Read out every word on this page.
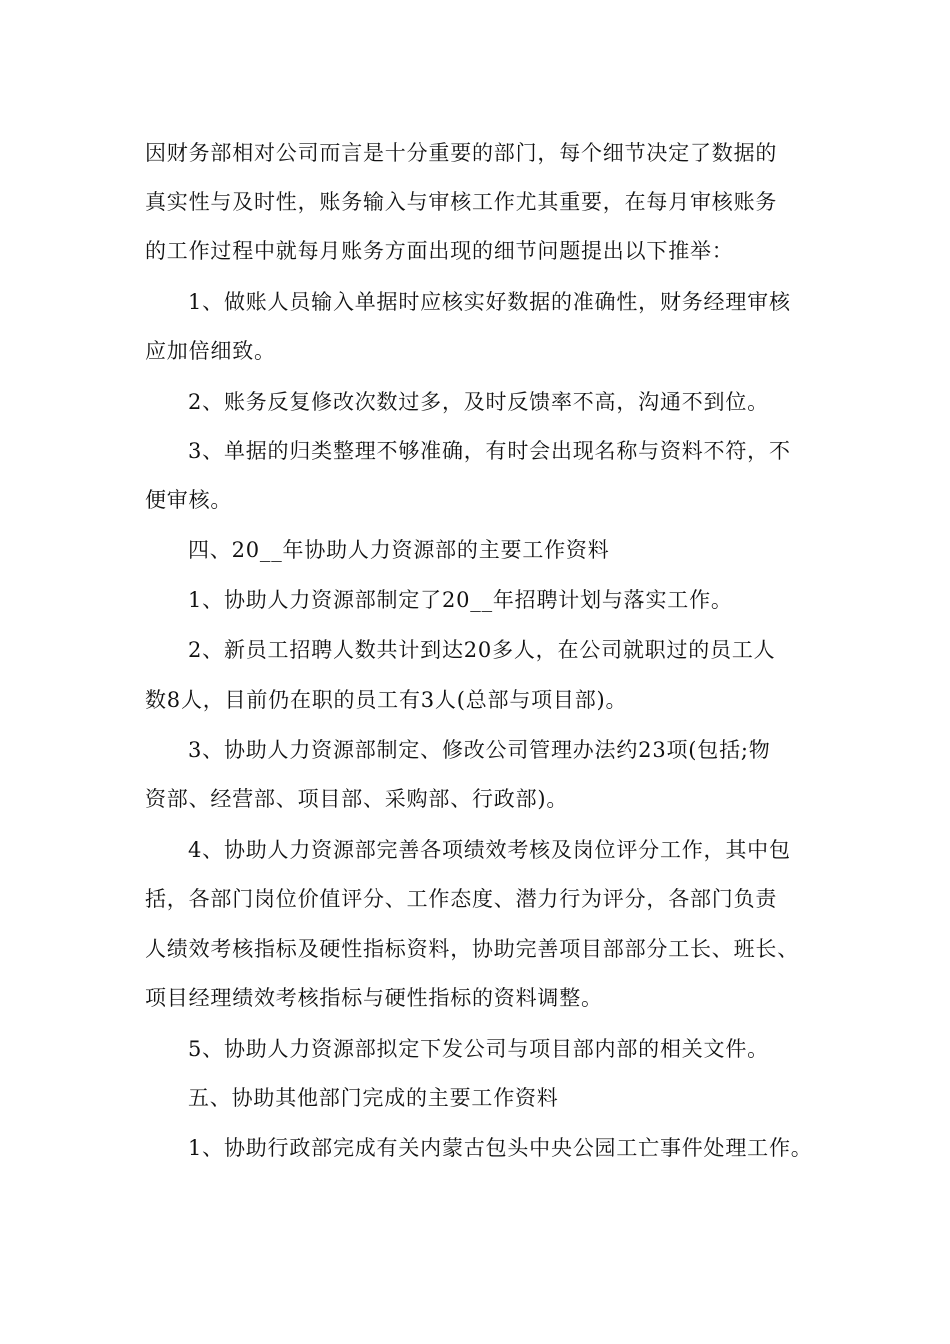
因财务部相对公司而言是十分重要的部门，每个细节决定了数据的
真实性与及时性，账务输入与审核工作尤其重要，在每月审核账务
的工作过程中就每月账务方面出现的细节问题提出以下推举：
1、做账人员输入单据时应核实好数据的准确性，财务经理审核
应加倍细致。
2、账务反复修改次数过多，及时反馈率不高，沟通不到位。
3、单据的归类整理不够准确，有时会出现名称与资料不符，不
便审核。
四、20__年协助人力资源部的主要工作资料
1、协助人力资源部制定了20__年招聘计划与落实工作。
2、新员工招聘人数共计到达20多人，在公司就职过的员工人
数8人，目前仍在职的员工有3人(总部与项目部)。
3、协助人力资源部制定、修改公司管理办法约23项(包括;物
资部、经营部、项目部、采购部、行政部)。
4、协助人力资源部完善各项绩效考核及岗位评分工作，其中包
括，各部门岗位价值评分、工作态度、潜力行为评分，各部门负责
人绩效考核指标及硬性指标资料，协助完善项目部部分工长、班长、
项目经理绩效考核指标与硬性指标的资料调整。
5、协助人力资源部拟定下发公司与项目部内部的相关文件。
五、协助其他部门完成的主要工作资料
1、协助行政部完成有关内蒙古包头中央公园工亡事件处理工作。
